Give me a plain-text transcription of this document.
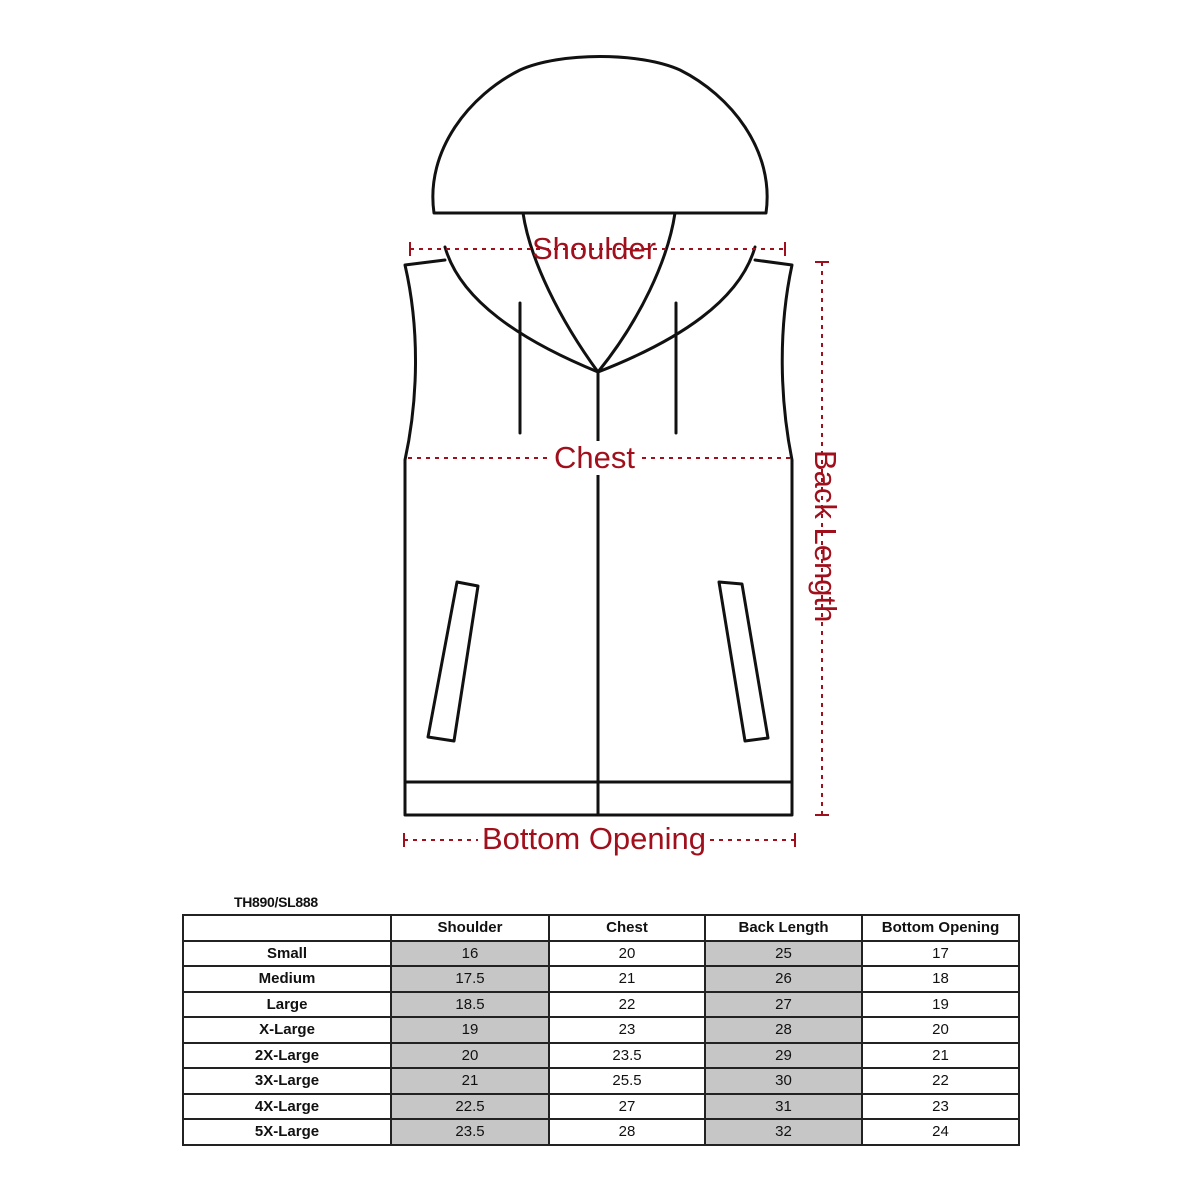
Shoulder
Chest
Bottom Opening
Back Length
TH890/SL888
	Shoulder	Chest	Back Length	Bottom Opening
Small	16	20	25	17
Medium	17.5	21	26	18
Large	18.5	22	27	19
X-Large	19	23	28	20
2X-Large	20	23.5	29	21
3X-Large	21	25.5	30	22
4X-Large	22.5	27	31	23
5X-Large	23.5	28	32	24
